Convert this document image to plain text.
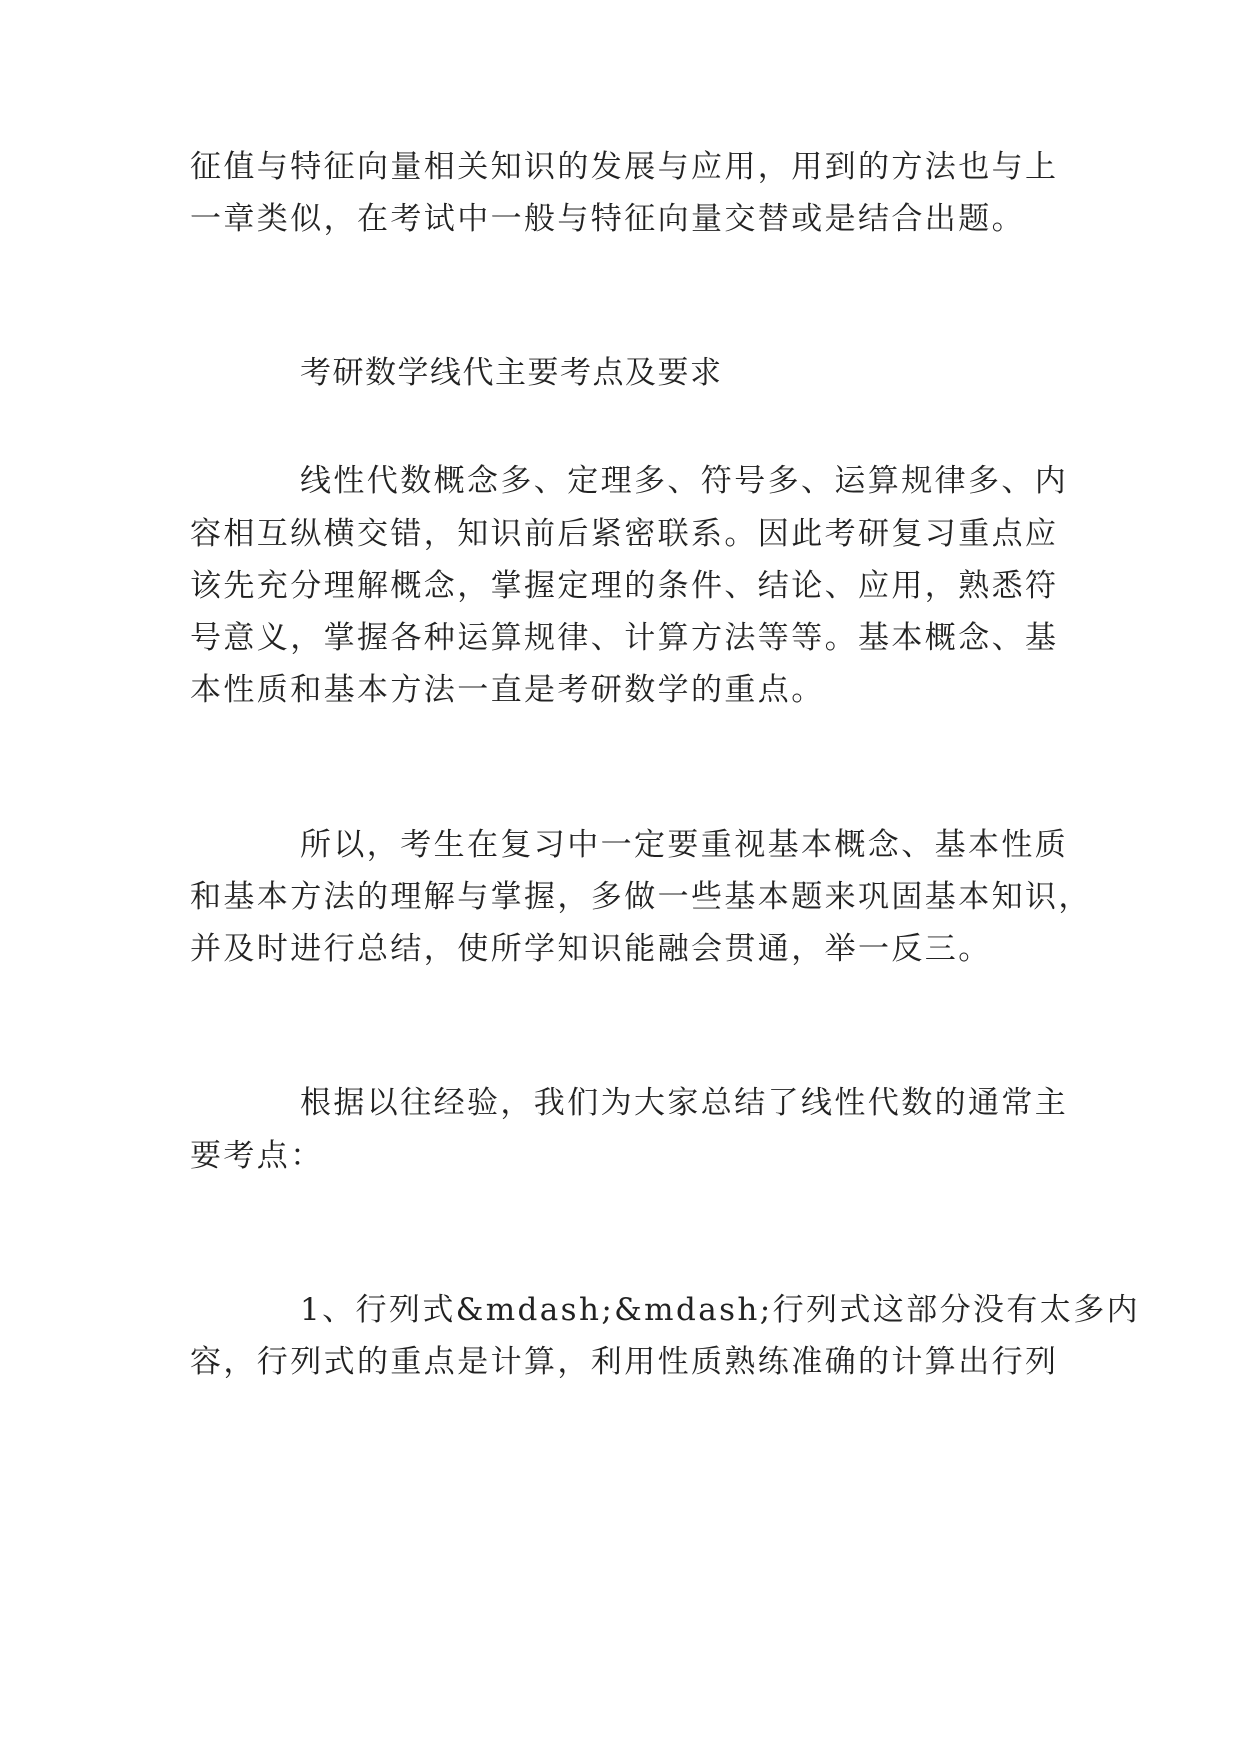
征值与特征向量相关知识的发展与应用，用到的方法也与上
一章类似，在考试中一般与特征向量交替或是结合出题。
考研数学线代主要考点及要求
线性代数概念多、定理多、符号多、运算规律多、内
容相互纵横交错，知识前后紧密联系。因此考研复习重点应
该先充分理解概念，掌握定理的条件、结论、应用，熟悉符
号意义，掌握各种运算规律、计算方法等等。基本概念、基
本性质和基本方法一直是考研数学的重点。
所以，考生在复习中一定要重视基本概念、基本性质
和基本方法的理解与掌握，多做一些基本题来巩固基本知识，
并及时进行总结，使所学知识能融会贯通，举一反三。
根据以往经验，我们为大家总结了线性代数的通常主
要考点：
1、行列式&mdash;&mdash;行列式这部分没有太多内
容，行列式的重点是计算，利用性质熟练准确的计算出行列
